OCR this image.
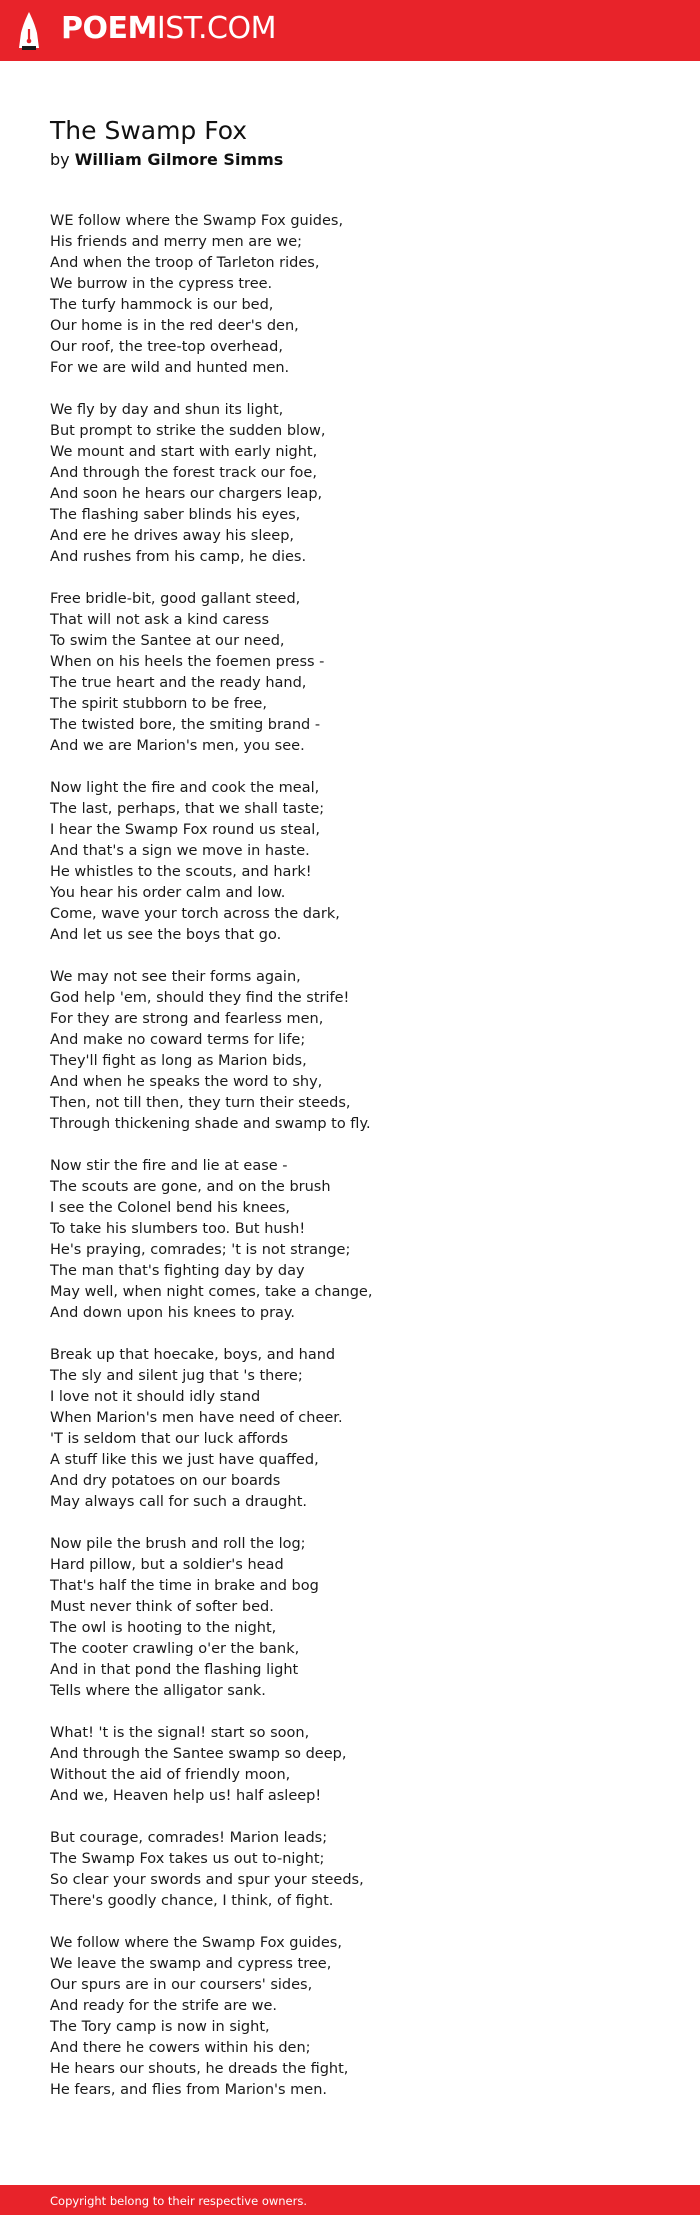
POEMIST.COM
The Swamp Fox

by William Gilmore Simms

WE follow where the Swamp Fox guides,
His friends and merry men are we;
And when the troop of Tarleton rides,
We burrow in the cypress tree.
The turfy hammock is our bed,
Our home is in the red deer's den,
Our roof, the tree-top overhead,
For we are wild and hunted men.
We fly by day and shun its light,
But prompt to strike the sudden blow,
We mount and start with early night,
And through the forest track our foe,
And soon he hears our chargers leap,
The flashing saber blinds his eyes,
And ere he drives away his sleep,
And rushes from his camp, he dies.
Free bridle-bit, good gallant steed,
That will not ask a kind caress
To swim the Santee at our need,
When on his heels the foemen press -
The true heart and the ready hand,
The spirit stubborn to be free,
The twisted bore, the smiting brand -
And we are Marion's men, you see.
Now light the fire and cook the meal,
The last, perhaps, that we shall taste;
I hear the Swamp Fox round us steal,
And that's a sign we move in haste.
He whistles to the scouts, and hark!
You hear his order calm and low.
Come, wave your torch across the dark,
And let us see the boys that go.
We may not see their forms again,
God help 'em, should they find the strife!
For they are strong and fearless men,
And make no coward terms for life;
They'll fight as long as Marion bids,
And when he speaks the word to shy,
Then, not till then, they turn their steeds,
Through thickening shade and swamp to fly.
Now stir the fire and lie at ease -
The scouts are gone, and on the brush
I see the Colonel bend his knees,
To take his slumbers too. But hush!
He's praying, comrades; 't is not strange;
The man that's fighting day by day
May well, when night comes, take a change,
And down upon his knees to pray.
Break up that hoecake, boys, and hand
The sly and silent jug that 's there;
I love not it should idly stand
When Marion's men have need of cheer.
'T is seldom that our luck affords
A stuff like this we just have quaffed,
And dry potatoes on our boards
May always call for such a draught.
Now pile the brush and roll the log;
Hard pillow, but a soldier's head
That's half the time in brake and bog
Must never think of softer bed.
The owl is hooting to the night,
The cooter crawling o'er the bank,
And in that pond the flashing light
Tells where the alligator sank.
What! 't is the signal! start so soon,
And through the Santee swamp so deep,
Without the aid of friendly moon,
And we, Heaven help us! half asleep!
But courage, comrades! Marion leads;
The Swamp Fox takes us out to-night;
So clear your swords and spur your steeds,
There's goodly chance, I think, of fight.
We follow where the Swamp Fox guides,
We leave the swamp and cypress tree,
Our spurs are in our coursers' sides,
And ready for the strife are we.
The Tory camp is now in sight,
And there he cowers within his den;
He hears our shouts, he dreads the fight,
He fears, and flies from Marion's men.
Copyright belong to their respective owners.
